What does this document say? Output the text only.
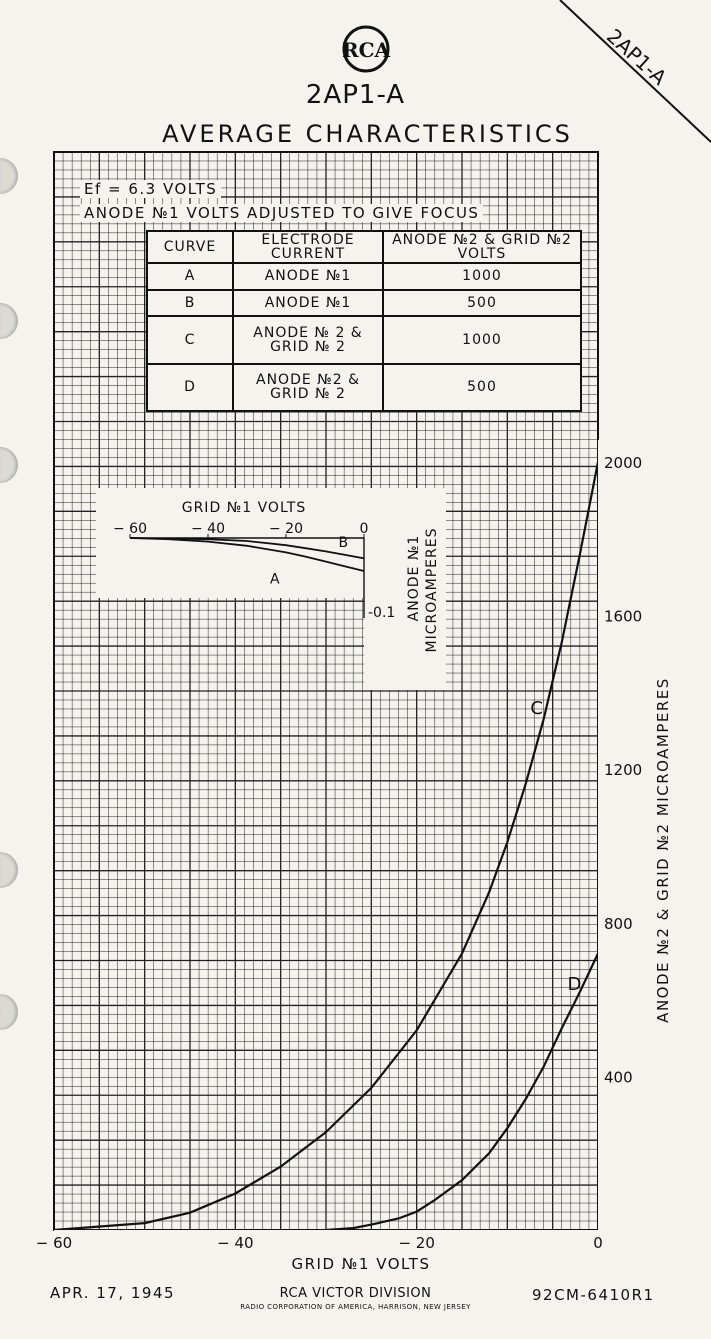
2AP1-A
RCA
2AP1-A
AVERAGE CHARACTERISTICS
C
D
− 60	− 40	− 20	0
400
800
1200
1600
2000
GRID №1 VOLTS
ANODE №2 & GRID №2 MICROAMPERES
− 60	− 40	− 20	0
GRID №1 VOLTS
-0.1 ANODE №1 MICROAMPERES
A
B
Ef = 6.3 VOLTS
ANODE №1 VOLTS ADJUSTED TO GIVE FOCUS
CURVE	ELECTRODE CURRENT	ANODE №2 & GRID №2 VOLTS
A	ANODE №1	1000
B	ANODE №1	500
C	ANODE № 2 & GRID № 2	1000
D	ANODE №2 & GRID № 2	500
APR. 17, 1945	RCA VICTOR DIVISION
RADIO CORPORATION OF AMERICA, HARRISON, NEW JERSEY
92CM-6410R1
